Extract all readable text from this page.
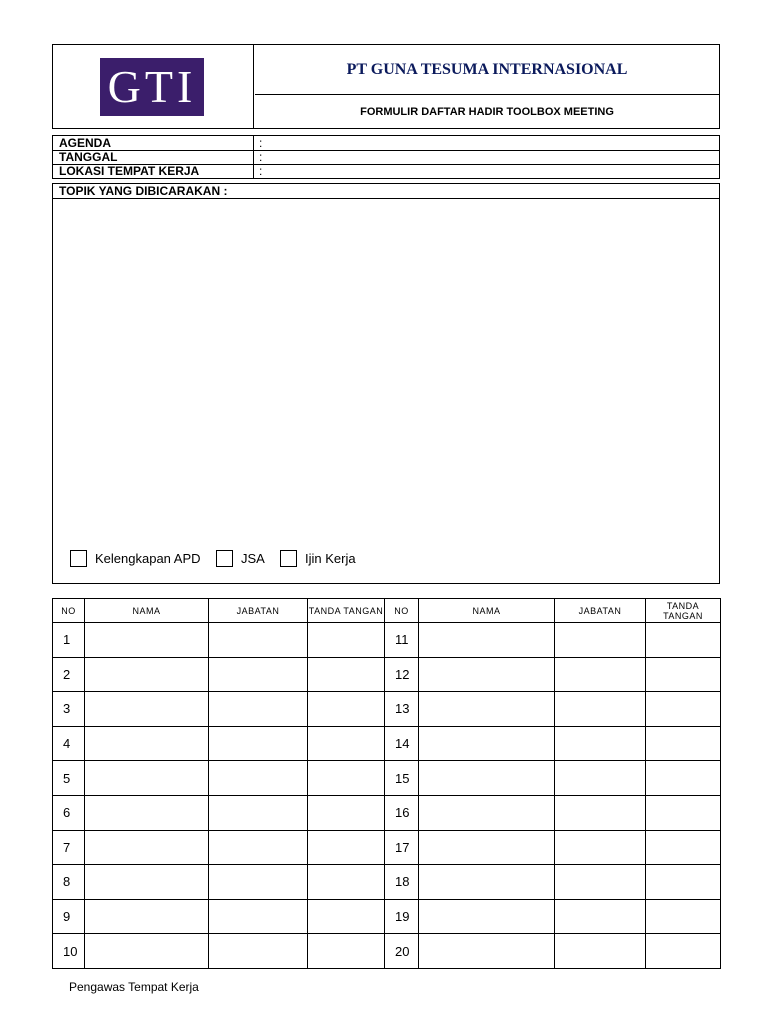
GTI	PT GUNA TESUMA INTERNASIONAL
FORMULIR DAFTAR HADIR TOOLBOX MEETING
AGENDA	:
TANGGAL	:
LOKASI TEMPAT KERJA	:
TOPIK YANG DIBICARAKAN :
Kelengkapan APD	JSA	Ijin Kerja
NO	NAMA	JABATAN	TANDA TANGAN	NO	NAMA	JABATAN	TANDA TANGAN
1				11			
2				12			
3				13			
4				14			
5				15			
6				16			
7				17			
8				18			
9				19			
10				20			
Pengawas Tempat Kerja
